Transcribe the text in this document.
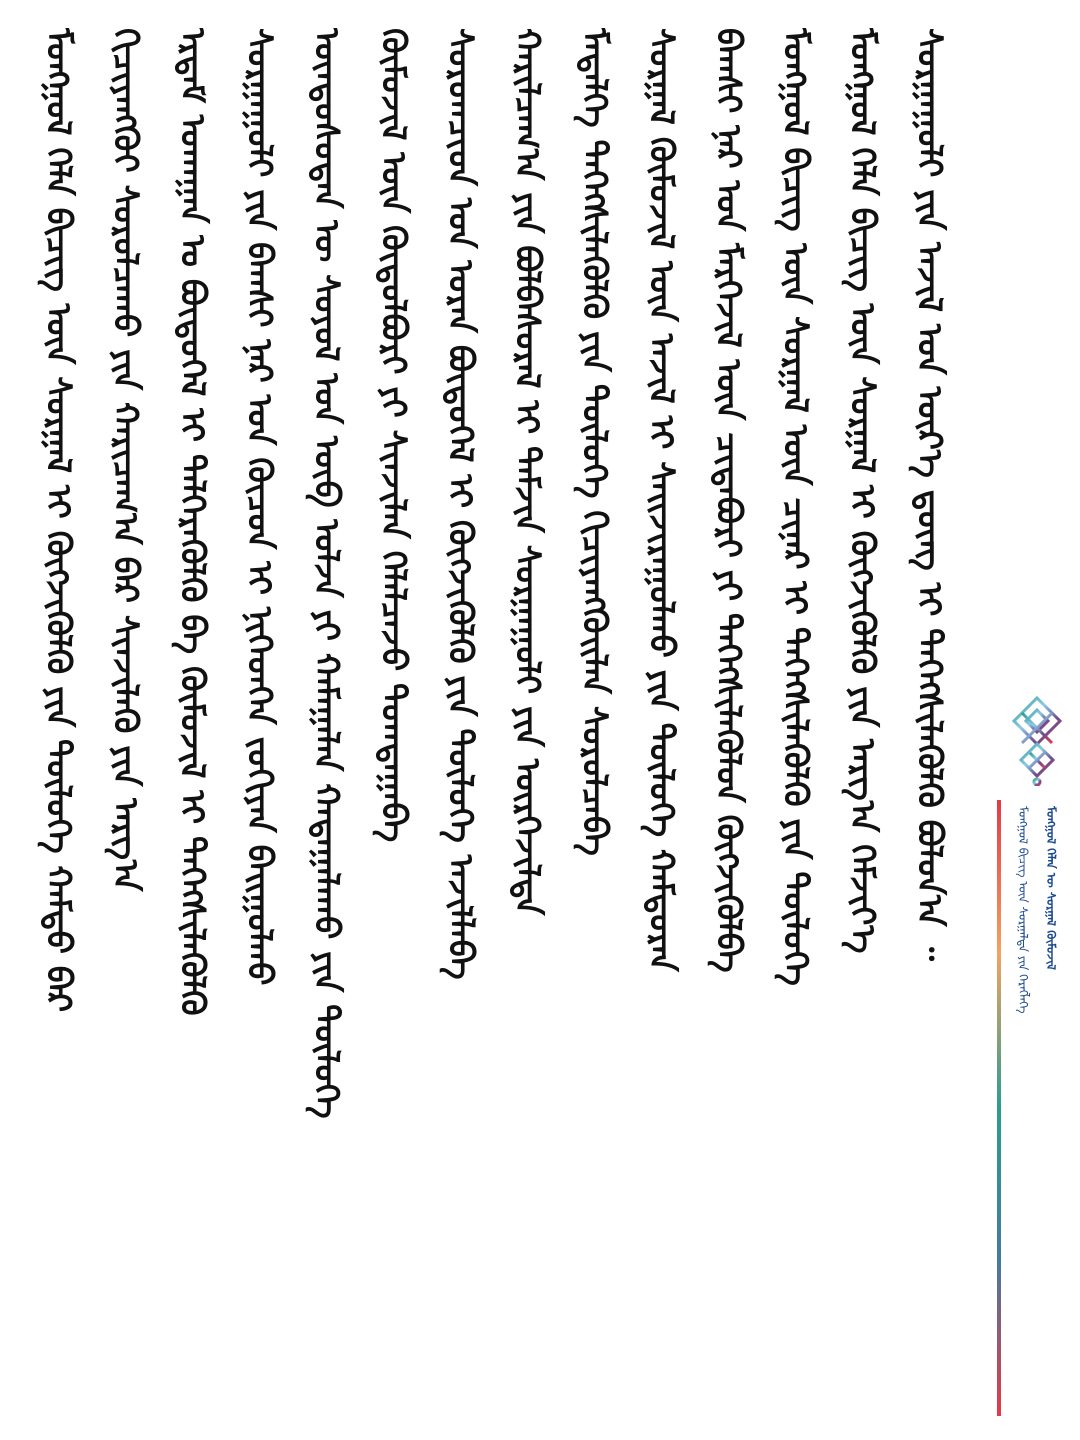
ᠮᠣᠩᠭᠣᠯ ᠬᠡᠯᠡᠨ ᠦ ᠰᠤᠷᠭᠠᠯ ᠬᠦᠮᠦᠵᠢᠯ
ᠮᠣᠩᠭᠣᠯ ᠪᠢᠴᠢᠭ ᠦᠨ ᠰᠤᠷᠭᠠᠯᠲᠠ ᠶᠢᠨ ᠬᠡᠷᠡᠭᠯᠡᠭᠡ
ᠮᠣᠩᠭᠣᠯ ᠬᠡᠯᠡ ᠪᠢᠴᠢᠭ ᠦᠨ ᠰᠤᠷᠭᠠᠯ ᠢ ᠬᠦᠭᠵᠢᠭᠦᠯᠬᠦ ᠶᠢᠨ ᠲᠥᠯᠥᠭᠡ ᠬᠠᠮᠲᠤ ᠪᠡᠷ ᠬᠢᠴᠢᠶᠡᠩᠭᠦᠢ ᠰᠤᠷᠤᠯᠴᠠᠬᠤ ᠶᠢᠨ ᠬᠠᠷᠢᠴᠠᠭ᠎ᠠ ᠪᠠᠷ ᠰᠢᠨᠵᠢᠯᠡᠬᠦ ᠶᠢᠨ ᠠᠷᠭ᠎ᠠ ᠡᠷᠳᠡᠮ ᠤᠬᠠᠭᠠᠨ ᠤ ᠪᠦᠲᠦᠭᠡᠯ ᠢ ᠳᠡᠯᠭᠡᠷᠡᠭᠦᠯᠬᠦ ᠪᠠ ᠬᠦᠮᠦᠵᠢᠯ ᠢ ᠳᠡᠭᠡᠭᠰᠢᠯᠡᠭᠦᠯᠬᠦ ᠰᠤᠷᠭᠠᠭᠤᠯᠢ ᠶᠢᠨ ᠪᠠᠭᠰᠢ ᠨᠠᠷ ᠤᠨ ᠬᠦᠴᠦᠨ ᠢ ᠨᠢᠭᠡᠳᠬᠡᠨ ᠵᠣᠬᠢᠶᠠᠨ ᠪᠠᠢᠭᠤᠯᠬᠤ ᠦᠨᠳᠦᠰᠦᠲᠡᠨ ᠦ ᠰᠣᠶᠤᠯ ᠤᠨ ᠦᠪ ᠣᠯᠵᠠ ᠶᠢ ᠬᠠᠮᠠᠭᠠᠯᠠᠨ ᠬᠠᠳᠠᠭᠠᠯᠠᠬᠤ ᠶᠢᠨ ᠲᠥᠯᠥᠭᠡ ᠬᠦᠮᠦᠵᠢᠯ ᠦᠨ ᠬᠥᠲᠦᠯᠪᠦᠷᠢ ᠶᠢ ᠰᠢᠨᠵᠢᠯᠡᠨ ᠬᠡᠯᠡᠯᠴᠡᠵᠦ ᠲᠣᠭᠲᠠᠭᠠᠪᠠ ᠰᠤᠷᠤᠭᠴᠢᠳ ᠤᠨ ᠤᠷᠠᠨ ᠪᠦᠲᠦᠭᠡᠯ ᠢ ᠬᠥᠭᠵᠢᠭᠦᠯᠬᠦ ᠶᠢᠨ ᠲᠥᠯᠥᠭᠡ ᠠᠵᠢᠯᠯᠠᠪᠠ ᠬᠠᠷᠢᠯᠴᠠᠭ᠎ᠠ ᠶᠢᠨ ᠪᠣᠯᠪᠠᠰᠤᠷᠠᠯ ᠢ ᠳᠡᠮᠵᠢᠨ ᠰᠤᠷᠭᠠᠭᠤᠯᠢ ᠶᠢᠨ ᠥᠷᠭᠡᠵᠢᠯᠲᠡ ᠮᠡᠳᠡᠯᠭᠡ ᠳᠡᠭᠡᠭᠰᠢᠯᠡᠭᠦᠯᠬᠦ ᠶᠢᠨ ᠲᠥᠯᠥᠭᠡ ᠬᠢᠴᠢᠶᠡᠩᠭᠦᠢᠯᠡᠨ ᠰᠤᠷᠤᠯᠴᠠᠪᠠ ᠰᠤᠷᠭᠠᠯ ᠬᠦᠮᠦᠵᠢᠯ ᠦᠨ ᠠᠵᠢᠯ ᠢ ᠰᠠᠢᠵᠢᠷᠠᠭᠤᠯᠬᠤ ᠶᠢᠨ ᠲᠥᠯᠥᠭᠡ ᠬᠠᠮᠲᠤᠷᠠᠨ ᠪᠠᠭᠰᠢ ᠨᠠᠷ ᠤᠨ ᠮᠡᠷᠭᠡᠵᠢᠯ ᠦᠨ ᠴᠢᠳᠠᠪᠤᠷᠢ ᠶᠢ ᠳᠡᠭᠡᠭᠰᠢᠯᠡᠭᠦᠯᠦᠨ ᠬᠥᠭᠵᠢᠭᠦᠯᠪᠡ ᠮᠣᠩᠭᠣᠯ ᠪᠢᠴᠢᠭ ᠦᠨ ᠰᠤᠷᠭᠠᠯ ᠦᠨ ᠴᠢᠨᠠᠷ ᠢ ᠳᠡᠭᠡᠭᠰᠢᠯᠡᠭᠦᠯᠬᠦ ᠶᠢᠨ ᠲᠥᠯᠥᠭᠡ ᠮᠣᠩᠭᠣᠯ ᠬᠡᠯᠡ ᠪᠢᠴᠢᠭ ᠦᠨ ᠰᠤᠷᠭᠠᠯ ᠢ ᠬᠥᠭᠵᠢᠭᠦᠯᠬᠦ ᠶᠢᠨ ᠠᠷᠭ᠎ᠠ ᠬᠡᠮᠵᠢᠶ᠎ᠡ ᠰᠤᠷᠭᠠᠭᠤᠯᠢ ᠶᠢᠨ ᠠᠵᠢᠯ ᠤᠨ ᠦᠷ᠎ᠡ ᠳ᠋ᠦᠩ ᠢ ᠳᠡᠭᠡᠭᠰᠢᠯᠡᠭᠦᠯᠬᠦ ᠪᠣᠯᠤᠨ᠎ᠠ ᠃
